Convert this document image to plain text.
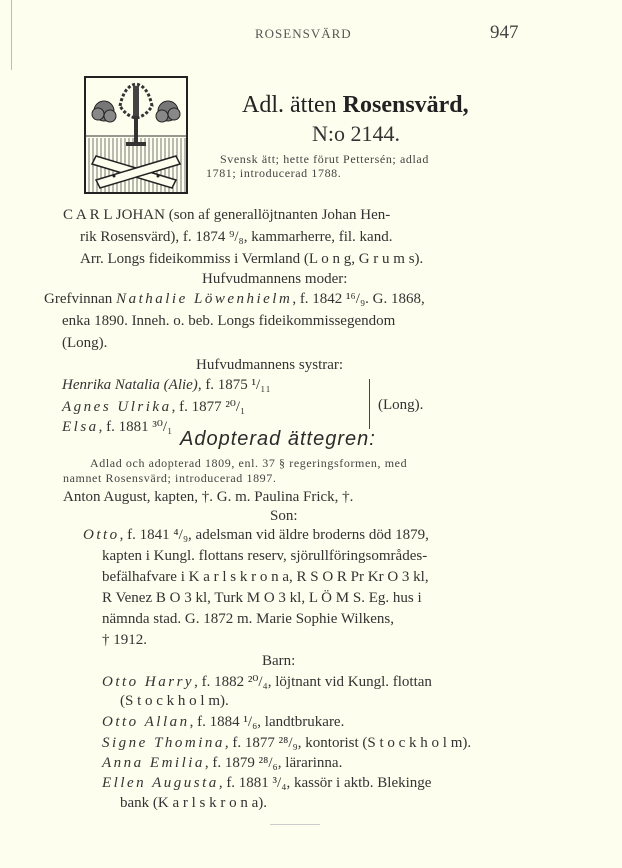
ROSENSVÄRD	947
Adl. ätten Rosensvärd,
N:o 2144.
Svensk ätt; hette förut Pettersén; adlad
1781; introducerad 1788.
C A R L JOHAN (son af generallöjtnanten Johan Hen-
rik Rosensvärd), f. 1874 ⁹/₈, kammarherre, fil. kand.
Arr. Longs fideikommiss i Vermland (L o n g, G r u m s).
Hufvudmannens moder:
Grefvinnan Nathalie Löwenhielm, f. 1842 ¹⁶/₉. G. 1868,
enka 1890. Inneh. o. beb. Longs fideikommissegendom
(Long).
Hufvudmannens systrar:
Henrika Natalia (Alie), f. 1875 ¹/₁₁
Agnes Ulrika, f. 1877 ²⁰/₁
Elsa, f. 1881 ³⁰/₁
(Long).
Adopterad ättegren:
Adlad och adopterad 1809, enl. 37 § regeringsformen, med
namnet Rosensvärd; introducerad 1897.
Anton August, kapten, †. G. m. Paulina Frick, †.
Son:
Otto, f. 1841 ⁴/₉, adelsman vid äldre broderns död 1879,
kapten i Kungl. flottans reserv, sjörullföringsområdes-
befälhafvare i K a r l s k r o n a, R S O R Pr Kr O 3 kl,
R Venez B O 3 kl, Turk M O 3 kl, L Ö M S. Eg. hus i
nämnda stad. G. 1872 m. Marie Sophie Wilkens,
† 1912.
Barn:
Otto Harry, f. 1882 ²⁰/₄, löjtnant vid Kungl. flottan
(S t o c k h o l m).
Otto Allan, f. 1884 ¹/₆, landtbrukare.
Signe Thomina, f. 1877 ²⁸/₉, kontorist (S t o c k h o l m).
Anna Emilia, f. 1879 ²⁸/₆, lärarinna.
Ellen Augusta, f. 1881 ³/₄, kassör i aktb. Blekinge
bank (K a r l s k r o n a).
